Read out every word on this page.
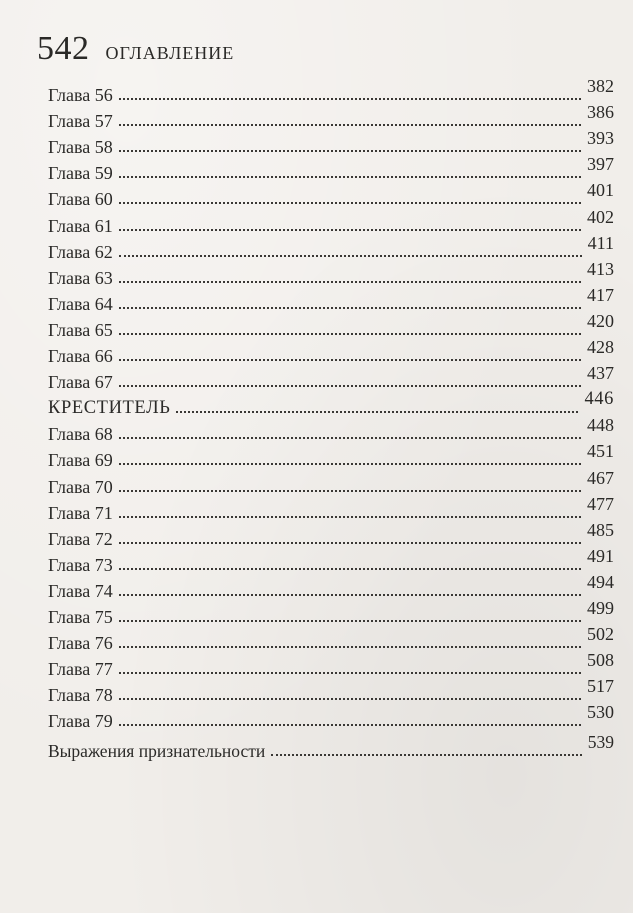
542 оглавление
Глава 56	382
Глава 57	386
Глава 58	393
Глава 59	397
Глава 60	401
Глава 61	402
Глава 62	411
Глава 63	413
Глава 64	417
Глава 65	420
Глава 66	428
Глава 67	437
КРЕСТИТЕЛЬ	446
Глава 68	448
Глава 69	451
Глава 70	467
Глава 71	477
Глава 72	485
Глава 73	491
Глава 74	494
Глава 75	499
Глава 76	502
Глава 77	508
Глава 78	517
Глава 79	530
Выражения признательности	539
